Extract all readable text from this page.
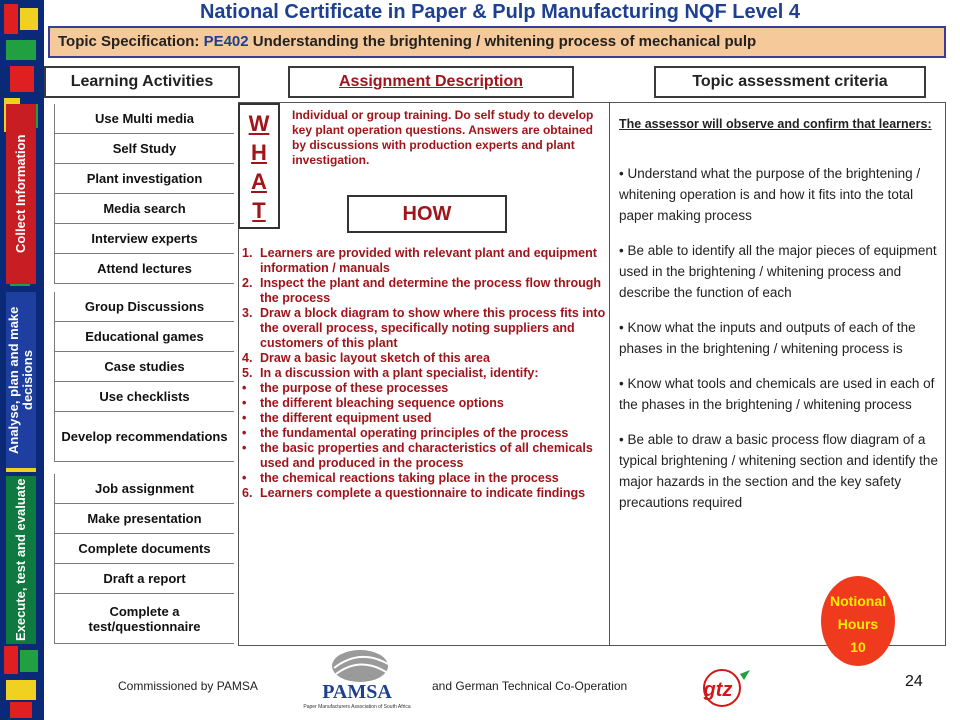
National Certificate in Paper & Pulp Manufacturing NQF Level 4
Topic Specification: PE402 Understanding the brightening / whitening process of mechanical pulp
Learning Activities	Assignment Description	Topic assessment criteria
Collect Information
Analyse, plan and make decisions
Execute, test and evaluate
Use Multi media
Self Study
Plant investigation
Media search
Interview experts
Attend lectures
Group Discussions
Educational games
Case studies
Use checklists
Develop recommendations
Job assignment
Make presentation
Complete documents
Draft a report
Complete a test/questionnaire
W
H
A
T
Individual or group training. Do self study to develop key plant operation questions. Answers are obtained by discussions with production experts and plant investigation.
HOW
1. Learners are provided with relevant plant and equipment information / manuals
2. Inspect the plant and determine the process flow through the process
3. Draw a block diagram to show where this process fits into the overall process, specifically noting suppliers and customers of this plant
4. Draw a basic layout sketch of this area
5. In a discussion with a plant specialist, identify:
• the purpose of these processes
• the different bleaching sequence options
• the different equipment used
• the fundamental operating principles of the process
• the basic properties and characteristics of all chemicals used and produced in the process
• the chemical reactions taking place in the process
6. Learners complete a questionnaire to indicate findings
The assessor will observe and confirm that learners:
• Understand what the purpose of the brightening / whitening operation is and how it fits into the total paper making process
• Be able to identify all the major pieces of equipment used in the brightening / whitening process and describe the function of each
• Know what the inputs and outputs of each of the phases in the brightening / whitening process is
• Know what tools and chemicals are used in each of the phases in the brightening / whitening process
• Be able to draw a basic process flow diagram of a typical brightening / whitening section and identify the major hazards in the section and the key safety precautions required
Notional
Hours
10
Commissioned by PAMSA	PAMSA
Paper Manufacturers Association of South Africa
and German Technical Co-Operation	gtz	24
